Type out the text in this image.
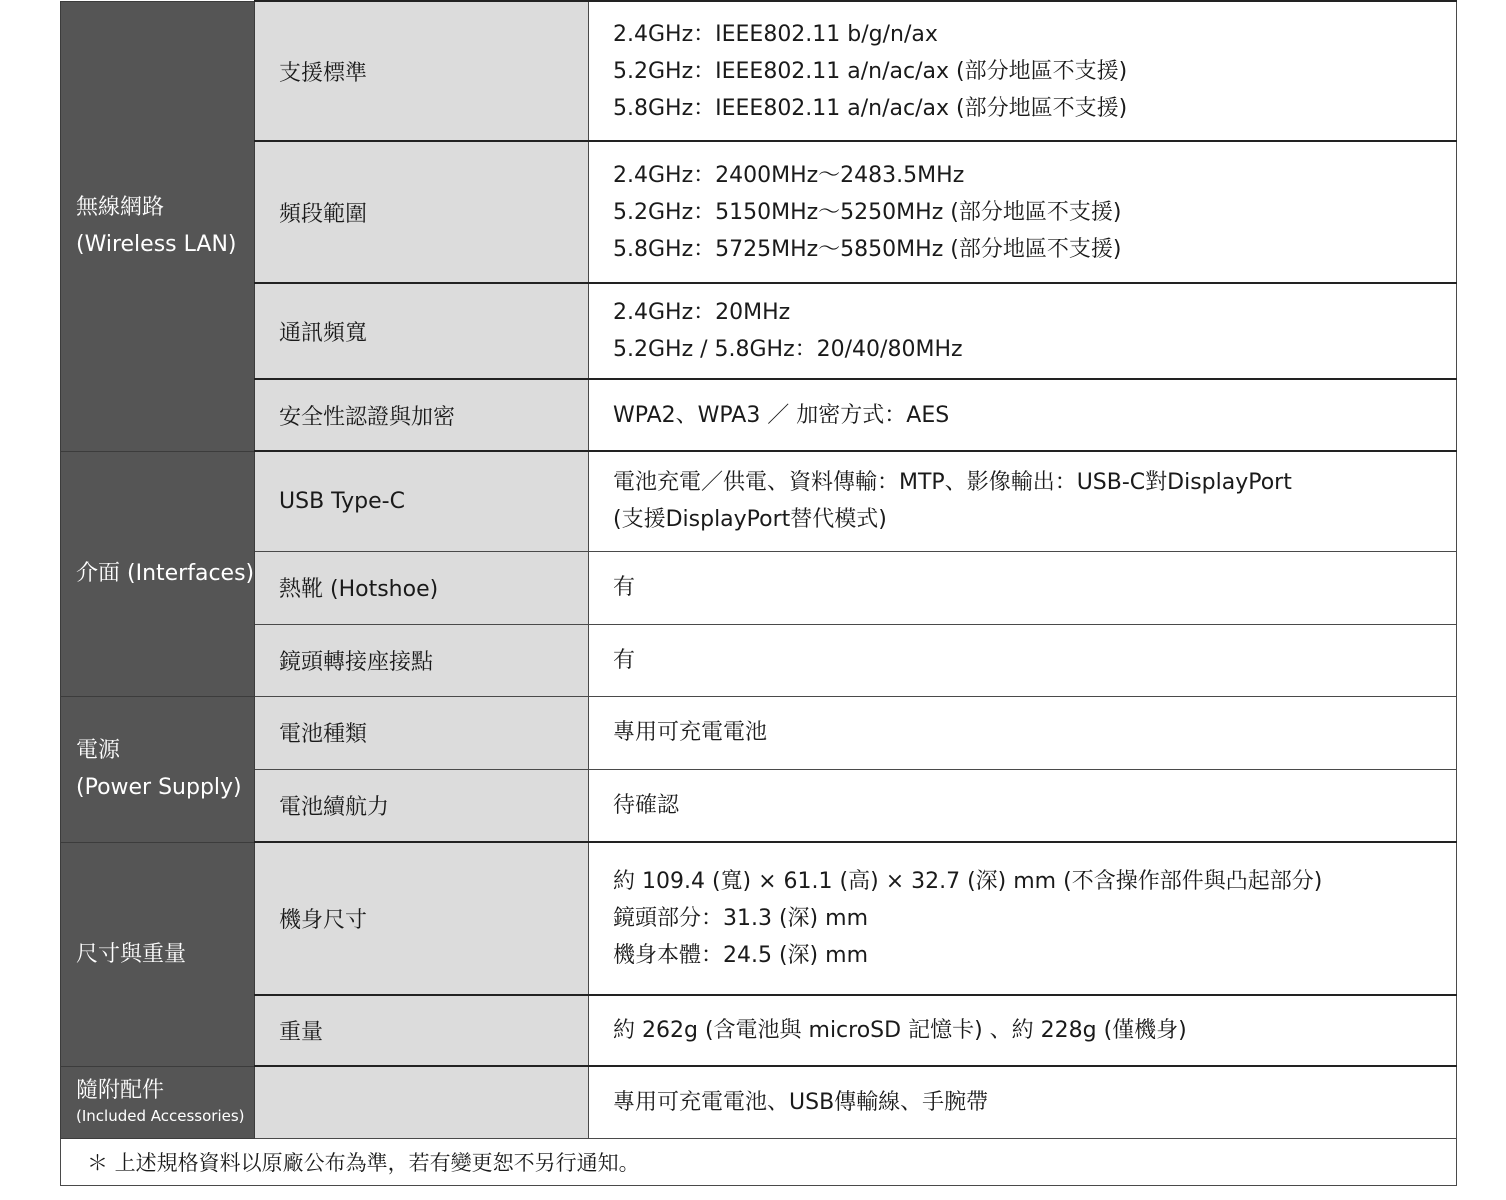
無線網路
(Wireless LAN)	支援標準	2.4GHz：IEEE802.11 b/g/n/ax
5.2GHz：IEEE802.11 a/n/ac/ax (部分地區不支援)
5.8GHz：IEEE802.11 a/n/ac/ax (部分地區不支援)

	頻段範圍	2.4GHz：2400MHz～2483.5MHz
5.2GHz：5150MHz～5250MHz (部分地區不支援)
5.8GHz：5725MHz～5850MHz (部分地區不支援)

	通訊頻寬	2.4GHz：20MHz
5.2GHz / 5.8GHz：20/40/80MHz

	安全性認證與加密	WPA2、WPA3 ／ 加密方式：AES

介面 (Interfaces)	USB Type-C	電池充電／供電、資料傳輸：MTP、影像輸出：USB-C對DisplayPort
(支援DisplayPort替代模式)

	熱靴 (Hotshoe)	有

	鏡頭轉接座接點	有

電源
(Power Supply)	電池種類	專用可充電電池

	電池續航力	待確認

尺寸與重量	機身尺寸	約 109.4 (寬) × 61.1 (高) × 32.7 (深) mm (不含操作部件與凸起部分)
鏡頭部分：31.3 (深) mm
機身本體：24.5 (深) mm

	重量	約 262g (含電池與 microSD 記憶卡) 、約 228g (僅機身)

隨附配件
(Included Accessories)		專用可充電電池、USB傳輸線、手腕帶

＊ 上述規格資料以原廠公布為準，若有變更恕不另行通知。		
